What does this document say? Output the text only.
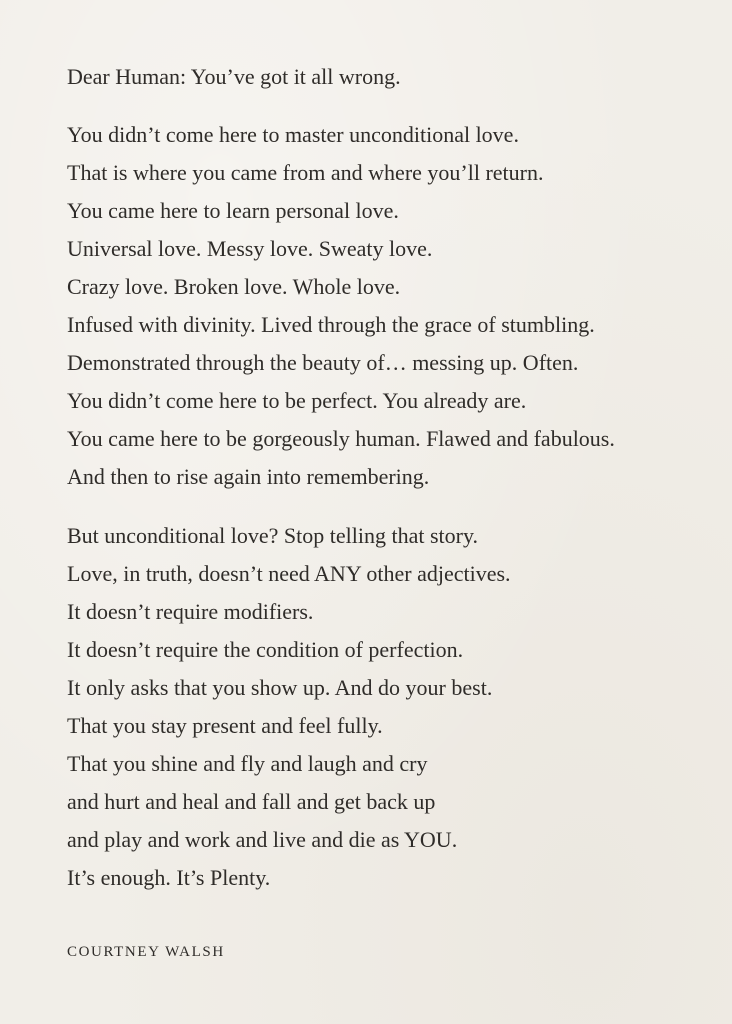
Dear Human: You’ve got it all wrong.
You didn’t come here to master unconditional love.
That is where you came from and where you’ll return.
You came here to learn personal love.
Universal love. Messy love. Sweaty love.
Crazy love. Broken love. Whole love.
Infused with divinity. Lived through the grace of stumbling.
Demonstrated through the beauty of… messing up. Often.
You didn’t come here to be perfect. You already are.
You came here to be gorgeously human. Flawed and fabulous.
And then to rise again into remembering.
But unconditional love? Stop telling that story.
Love, in truth, doesn’t need ANY other adjectives.
It doesn’t require modifiers.
It doesn’t require the condition of perfection.
It only asks that you show up. And do your best.
That you stay present and feel fully.
That you shine and fly and laugh and cry
and hurt and heal and fall and get back up
and play and work and live and die as YOU.
It’s enough. It’s Plenty.
COURTNEY WALSH
